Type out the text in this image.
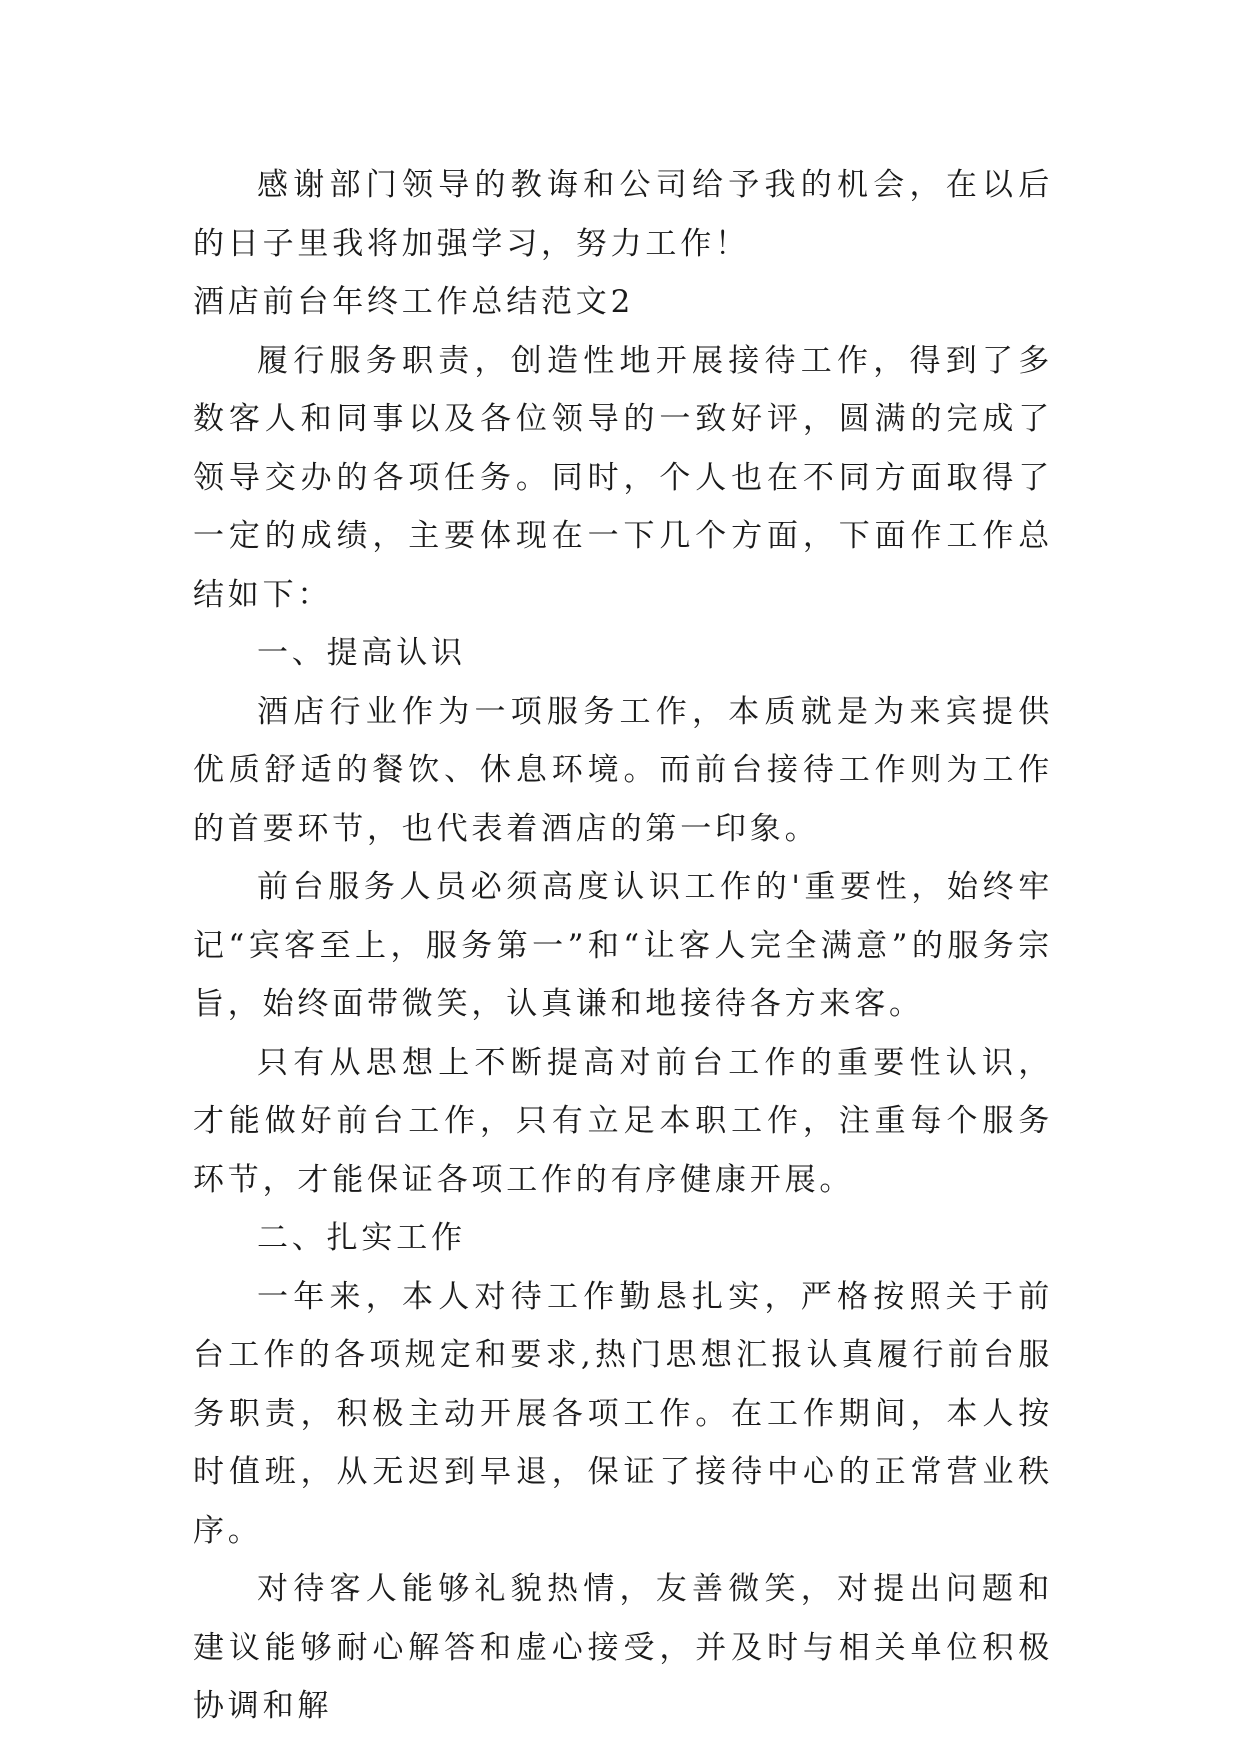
感谢部门领导的教诲和公司给予我的机会，在以后的日子里我将加强学习，努力工作！

酒店前台年终工作总结范文2

履行服务职责，创造性地开展接待工作，得到了多数客人和同事以及各位领导的一致好评，圆满的完成了领导交办的各项任务。同时，个人也在不同方面取得了一定的成绩，主要体现在一下几个方面，下面作工作总结如下：

一、提高认识

酒店行业作为一项服务工作，本质就是为来宾提供优质舒适的餐饮、休息环境。而前台接待工作则为工作的首要环节，也代表着酒店的第一印象。

前台服务人员必须高度认识工作的'重要性，始终牢记“宾客至上，服务第一”和“让客人完全满意”的服务宗旨，始终面带微笑，认真谦和地接待各方来客。

只有从思想上不断提高对前台工作的重要性认识，才能做好前台工作，只有立足本职工作，注重每个服务环节，才能保证各项工作的有序健康开展。

二、扎实工作

一年来，本人对待工作勤恳扎实，严格按照关于前台工作的各项规定和要求,热门思想汇报认真履行前台服务职责，积极主动开展各项工作。在工作期间，本人按时值班，从无迟到早退，保证了接待中心的正常营业秩序。

对待客人能够礼貌热情，友善微笑，对提出问题和建议能够耐心解答和虚心接受，并及时与相关单位积极协调和解
